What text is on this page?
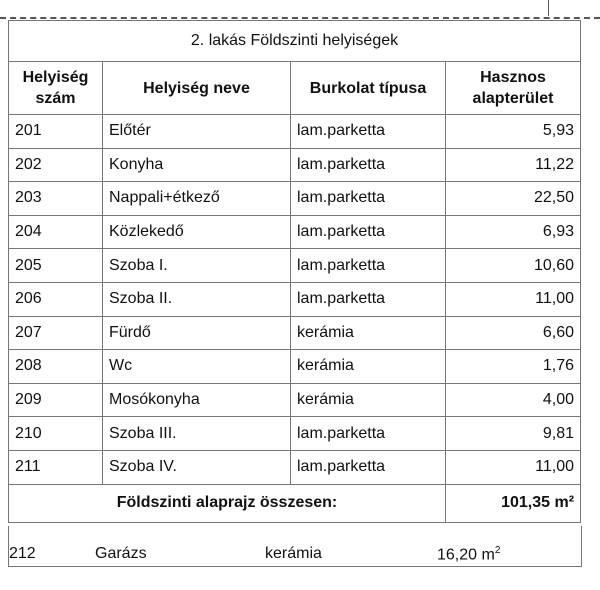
2. lakás Földszinti helyiségek			
Helyiség
szám	Helyiség neve	Burkolat típusa	Hasznos
alapterület
201	Előtér	lam.parketta	5,93
202	Konyha	lam.parketta	11,22
203	Nappali+étkező	lam.parketta	22,50
204	Közlekedő	lam.parketta	6,93
205	Szoba I.	lam.parketta	10,60
206	Szoba II.	lam.parketta	11,00
207	Fürdő	kerámia	6,60
208	Wc	kerámia	1,76
209	Mosókonyha	kerámia	4,00
210	Szoba III.	lam.parketta	9,81
211	Szoba IV.	lam.parketta	11,00
Földszinti alaprajz összesen:			101,35 m²
212	Garázs	kerámia	16,20 $m^2$
